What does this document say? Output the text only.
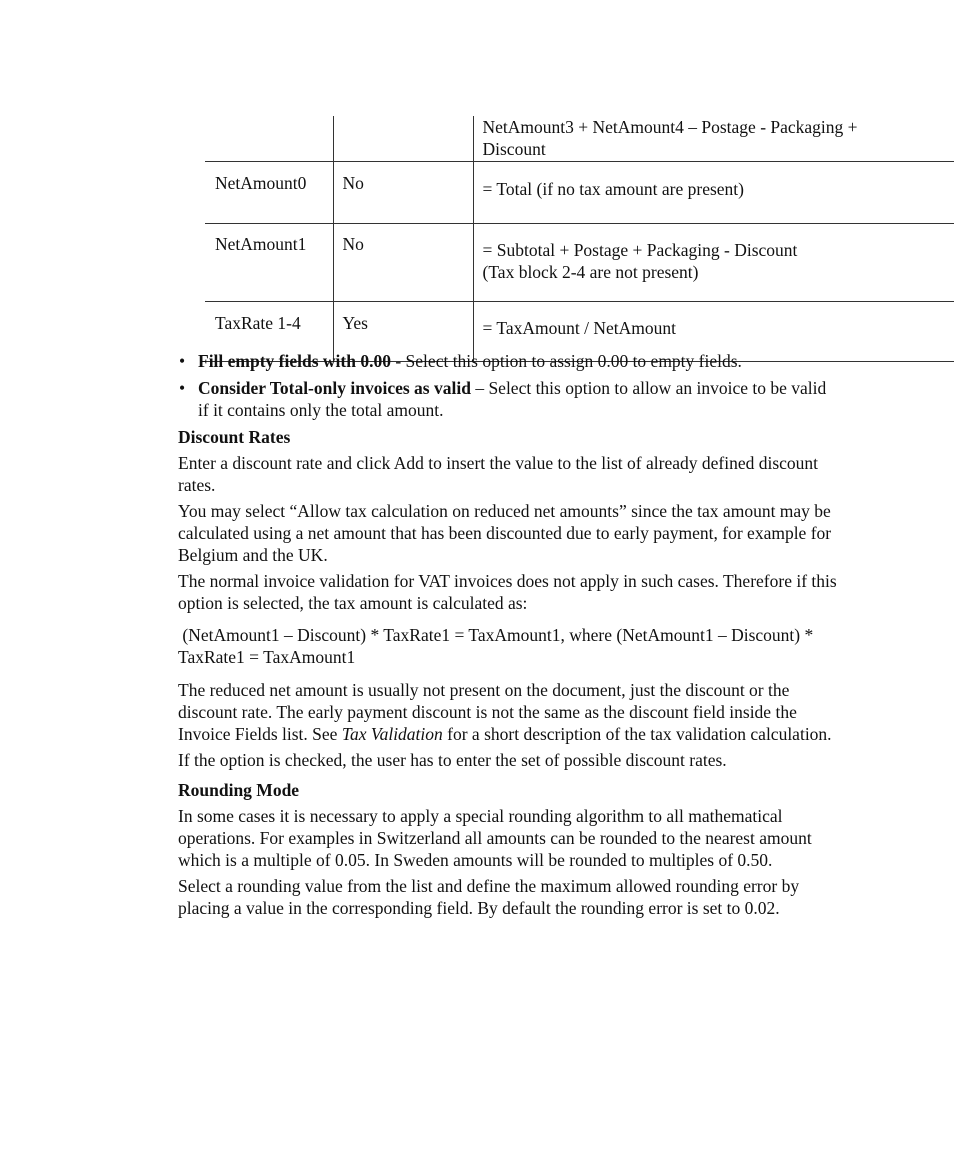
		NetAmount3 + NetAmount4 – Postage - Packaging +
Discount

NetAmount0	No	= Total (if no tax amount are present)

NetAmount1	No	= Subtotal + Postage + Packaging - Discount
(Tax block 2-4 are not present)

TaxRate 1-4	Yes	= TaxAmount / NetAmount
• Fill empty fields with 0.00 - Select this option to assign 0.00 to empty fields.
• Consider Total-only invoices as valid – Select this option to allow an invoice to be valid if it contains only the total amount.
Discount Rates

Enter a discount rate and click Add to insert the value to the list of already defined discount rates.

You may select “Allow tax calculation on reduced net amounts” since the tax amount may be calculated using a net amount that has been discounted due to early payment, for example for Belgium and the UK.

The normal invoice validation for VAT invoices does not apply in such cases. Therefore if this option is selected, the tax amount is calculated as:

(NetAmount1 – Discount) * TaxRate1 = TaxAmount1, where (NetAmount1 – Discount) * TaxRate1 = TaxAmount1

The reduced net amount is usually not present on the document, just the discount or the discount rate. The early payment discount is not the same as the discount field inside the Invoice Fields list. See Tax Validation for a short description of the tax validation calculation.

If the option is checked, the user has to enter the set of possible discount rates.

Rounding Mode

In some cases it is necessary to apply a special rounding algorithm to all mathematical operations. For examples in Switzerland all amounts can be rounded to the nearest amount which is a multiple of 0.05. In Sweden amounts will be rounded to multiples of 0.50.

Select a rounding value from the list and define the maximum allowed rounding error by placing a value in the corresponding field. By default the rounding error is set to 0.02.
